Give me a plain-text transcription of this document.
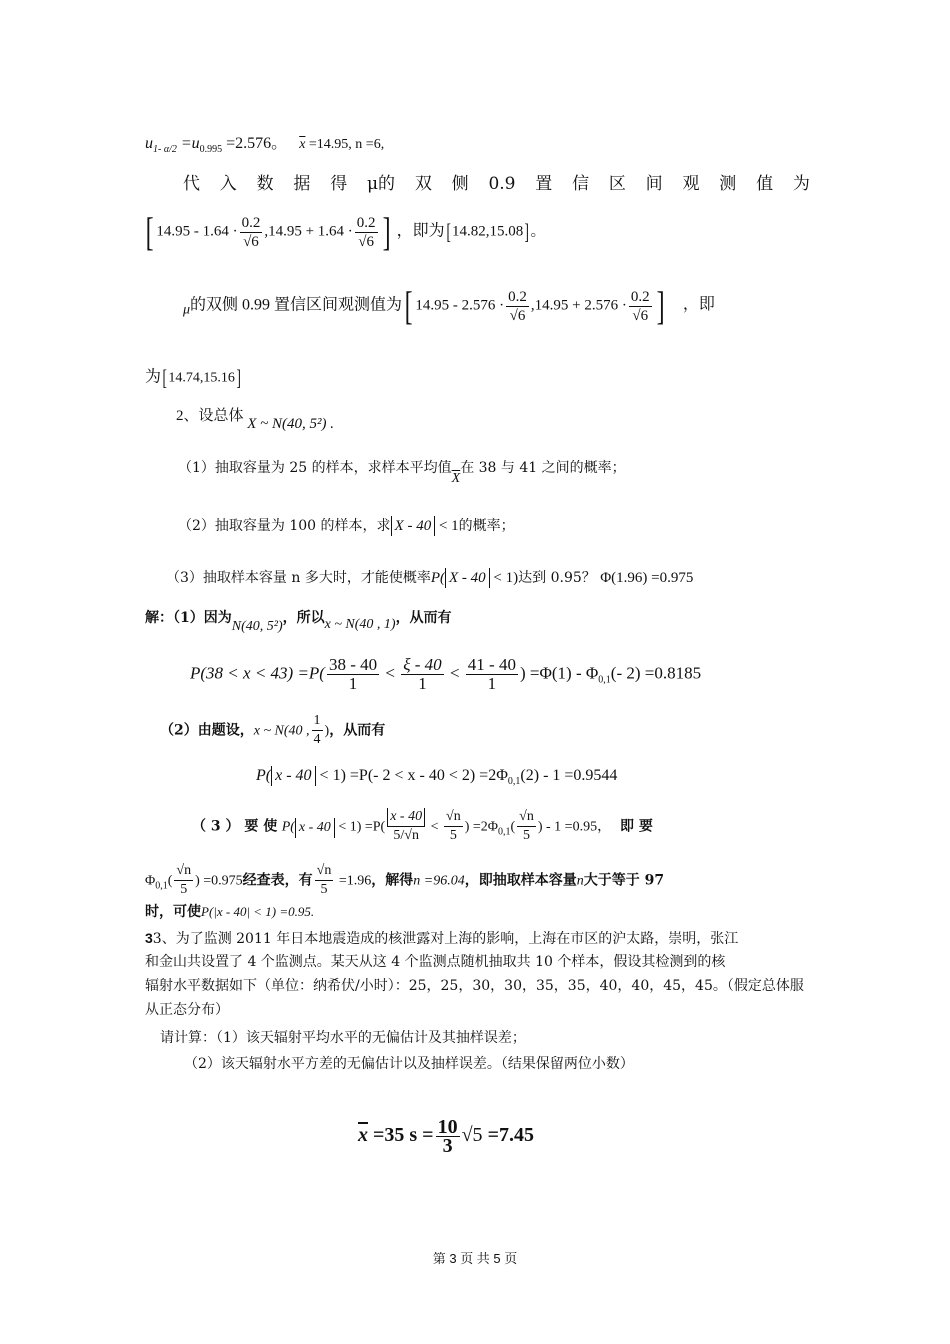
$u_{1- \alpha/2} =u_{0.995} =2.576$。 $\overline{x} =14.95$, n =6,
代 入 数 据 得 μ的 双 侧 0.9 置 信 区 间 观 测 值 为
[ $14.95 - 1.64 \cdot \frac{0.2}{√6} ,14.95 + 1.64 \cdot \frac{0.2}{√6}$ ] ，即为[14.82,15.08]。
μ的双侧 0.99 置信区间观测值为[ $14.95 - 2.576 \cdot \frac{0.2}{√6} ,14.95 + 2.576 \cdot \frac{0.2}{√6}$ ] ，即
为[14.74,15.16]
2、设总体 X ~ N(40, 5²) .
（1）抽取容量为 25 的样本，求样本平均值$\overline{X}$在 38 与 41 之间的概率；
（2）抽取容量为 100 的样本，求 X - 40 < 1的概率；
（3）抽取样本容量 n 多大时，才能使概率P( X - 40 < 1)达到 0.95？ Φ(1.96) =0.975
解：（1）因为N(40, 5²)，所以x ~ N(40 , 1)，从而有
$P(38 < x < 43) =P( \frac{38 - 40}{1} < \frac{\xi - 40}{1} < \frac{41 - 40}{1}$ ) $=\Phi(1) - \Phi_{0,1}(-$ 2) =0.8185
（2）由题设，x ~ N(40 , $\frac{1}{4}$ )，从而有
P( x - 40 < 1) =P(- $2 < x - 40 < 2) =2\Phi_{0,1}(2) - 1 =0.9544$
（ 3 ） 要 使 P( $x - 40 < 1) =P( \frac{x - 40}{5/√n} < \frac{√n}{5}$ ) $=2\Phi_{0,1}( \frac{√n}{5}$ ) - 1 =0.95， 即 要
$\Phi_{0,1}( \frac{√n}{5}$ ) =0.975经查表，有 $\frac{√n}{5} =1.96$，解得n =96.04，即抽取样本容量n大于等于 97
时，可使P(|x - 40| < 1) =0.95.
33、为了监测 2011 年日本地震造成的核泄露对上海的影响，上海在市区的沪太路，崇明，张江
和金山共设置了 4 个监测点。某天从这 4 个监测点随机抽取共 10 个样本，假设其检测到的核
辐射水平数据如下（单位：纳希伏/小时）：25，25，30，30，35，35，40，40，45，45。（假定总体服
从正态分布）
请计算：（1）该天辐射平均水平的无偏估计及其抽样误差；
（2）该天辐射水平方差的无偏估计以及抽样误差。（结果保留两位小数）
$\overline{x} =35$ $s = \frac{10}{3} √5 =7.45$
第 3 页 共 5 页
